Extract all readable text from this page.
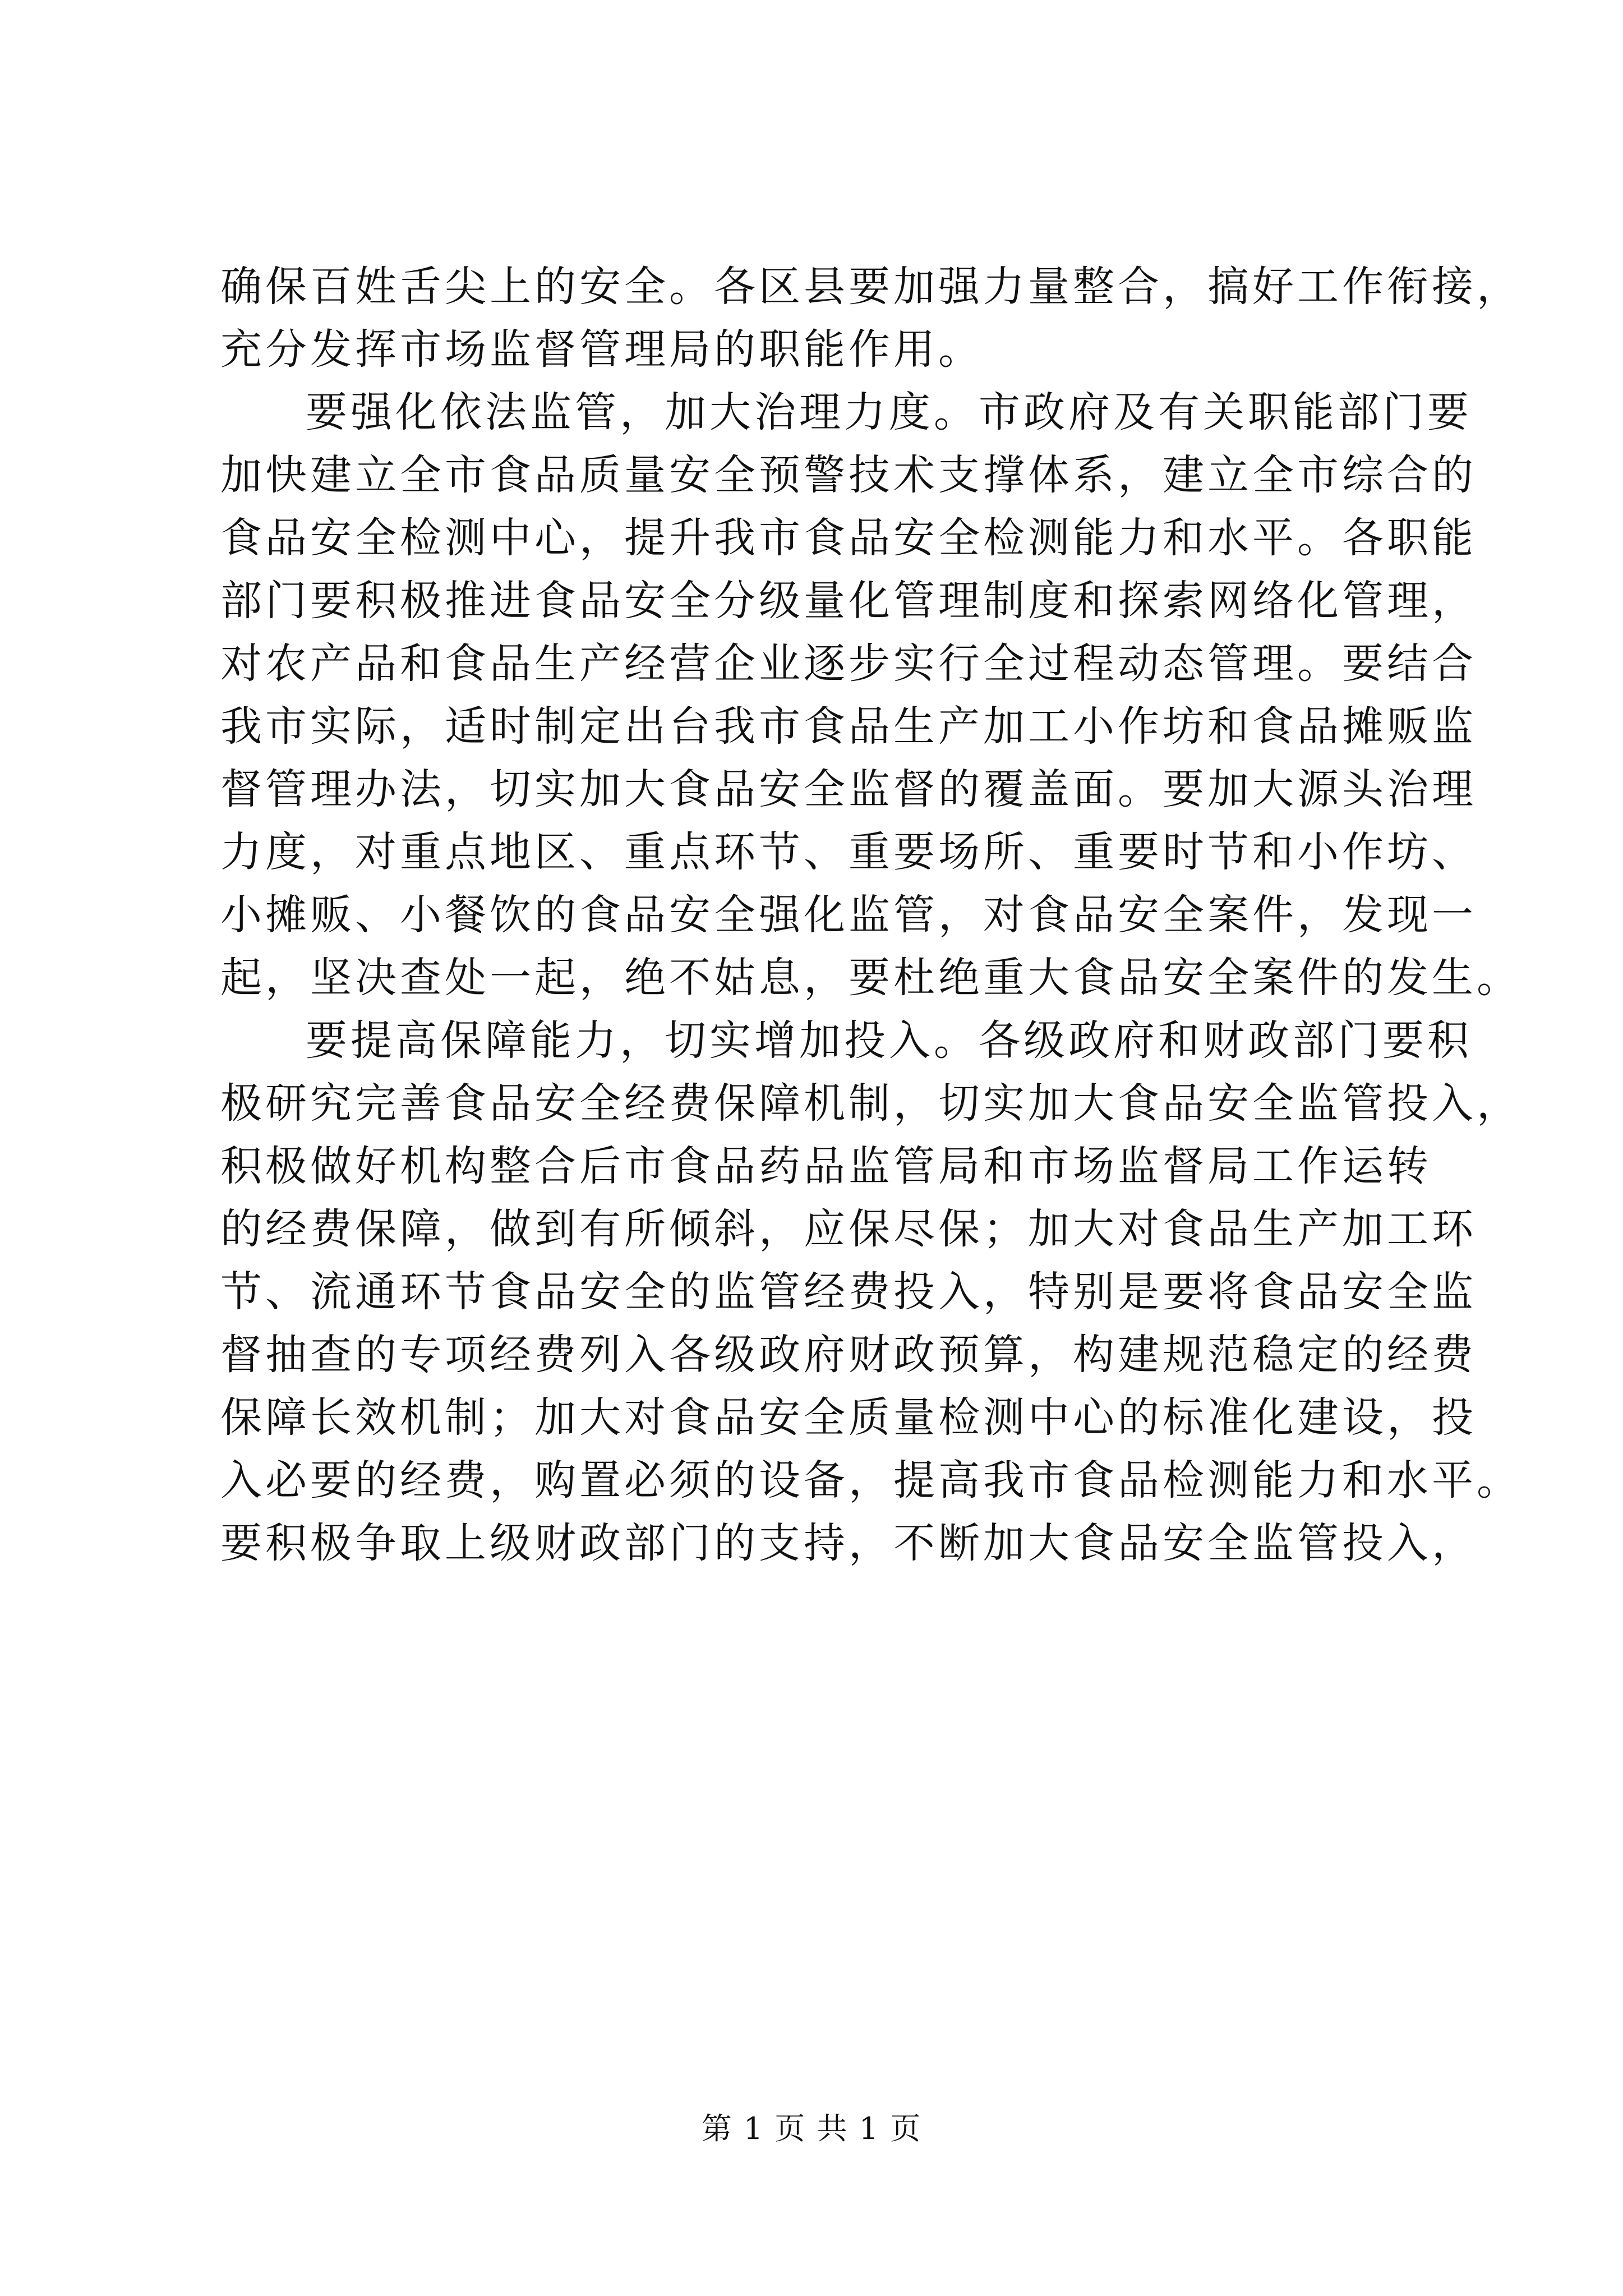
确保百姓舌尖上的安全。各区县要加强力量整合，搞好工作衔接，
充分发挥市场监督管理局的职能作用。
要强化依法监管，加大治理力度。市政府及有关职能部门要
加快建立全市食品质量安全预警技术支撑体系，建立全市综合的
食品安全检测中心，提升我市食品安全检测能力和水平。各职能
部门要积极推进食品安全分级量化管理制度和探索网络化管理，
对农产品和食品生产经营企业逐步实行全过程动态管理。要结合
我市实际，适时制定出台我市食品生产加工小作坊和食品摊贩监
督管理办法，切实加大食品安全监督的覆盖面。要加大源头治理
力度，对重点地区、重点环节、重要场所、重要时节和小作坊、
小摊贩、小餐饮的食品安全强化监管，对食品安全案件，发现一
起，坚决查处一起，绝不姑息，要杜绝重大食品安全案件的发生。
要提高保障能力，切实增加投入。各级政府和财政部门要积
极研究完善食品安全经费保障机制，切实加大食品安全监管投入，
积极做好机构整合后市食品药品监管局和市场监督局工作运转
的经费保障，做到有所倾斜，应保尽保；加大对食品生产加工环
节、流通环节食品安全的监管经费投入，特别是要将食品安全监
督抽查的专项经费列入各级政府财政预算，构建规范稳定的经费
保障长效机制；加大对食品安全质量检测中心的标准化建设，投
入必要的经费，购置必须的设备，提高我市食品检测能力和水平。
要积极争取上级财政部门的支持，不断加大食品安全监管投入，
第 1 页 共 1 页
